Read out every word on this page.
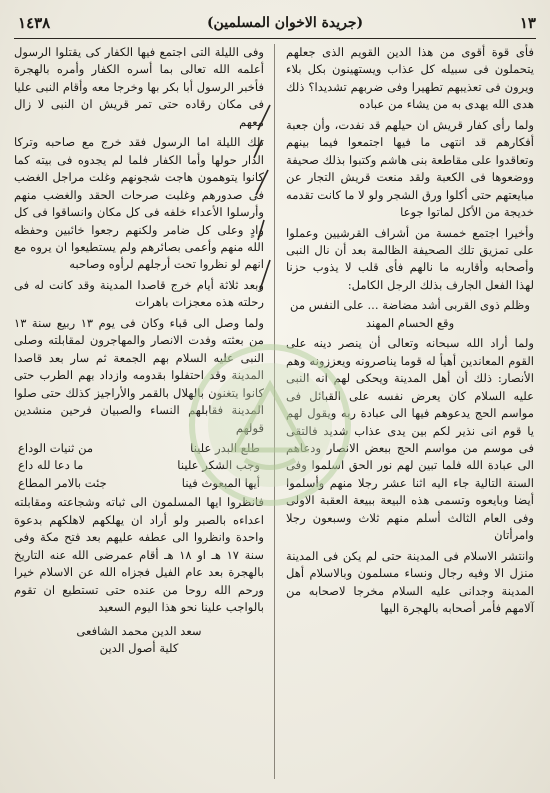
١٣
(جريدة الاخوان المسلمين)
١٤٣٨

فأى قوة أقوى من هذا الدين القويم الذى جعلهم يتحملون فى سبيله كل عذاب ويستهينون بكل بلاء ويرون فى تعذيبهم تطهيرا وفى ضربهم تشديدا؟ ذلك هدى الله يهدى به من يشاء من عباده

ولما رأى كفار قريش ان حيلهم قد نفدت، وأن جعبة أفكارهم قد انتهى ما فيها اجتمعوا فيما بينهم وتعاقدوا على مقاطعة بنى هاشم وكتبوا بذلك صحيفة ووضعوها فى الكعبة ولقد منعت قريش التجار عن مبايعتهم حتى أكلوا ورق الشجر ولو لا ما كانت تقدمه خديجة من الأكل لماتوا جوعا

وأخيرا اجتمع خمسة من أشراف القرشيين وعملوا على تمزيق تلك الصحيفة الظالمة بعد أن نال النبى وأصحابه وأقاربه ما نالهم فأى قلب لا يذوب حزنا لهذا الفعل الجارف بذلك الرجل الكامل:

وظلم ذوى القربى أشد مضاضة ... على النفس من وقع الحسام المهند

ولما أراد الله سبحانه وتعالى أن ينصر دينه على القوم المعاندين أهيأ له قوما يناصرونه ويعززونه وهم الأنصار: ذلك أن أهل المدينة ويحكى لهم انه النبى عليه السلام كان يعرض نفسه على القبائل فى مواسم الحج يدعوهم فيها الى عبادة ربه ويقول لهم يا قوم انى نذير لكم بين يدى عذاب شديد فالتقى فى موسم من مواسم الحج ببعض الانصار ودعاهم الى عبادة الله فلما تبين لهم نور الحق اسلموا وفى السنة التالية جاء اليه اثنا عشر رجلا منهم وأسلموا أيضا وبايعوه وتسمى هذه البيعة ببيعة العقبة الاولى وفى العام الثالث أسلم منهم ثلاث وسبعون رجلا وامرأتان

وانتشر الاسلام فى المدينة حتى لم يكن فى المدينة منزل الا وفيه رجال ونساء مسلمون وبالاسلام أهل المدينة وجدانى عليه السلام مخرجا لاصحابه من آلامهم فأمر أصحابه بالهجرة اليها

وفى الليلة التى اجتمع فيها الكفار كى يقتلوا الرسول أعلمه الله تعالى بما أسره الكفار وأمره بالهجرة فأخبر الرسول أبا بكر بها وخرجا معه وأقام النبى عليا فى مكان رقاده حتى تمر قريش ان النبى لا زال معهم

تلك الليلة اما الرسول فقد خرج مع صاحبه وتركا الدار حولها وأما الكفار فلما لم يجدوه فى بيته كما كانوا يتوهمون هاجت شجونهم وغلت مراجل الغضب فى صدورهم وغلبت صرحات الحقد والغضب منهم وأرسلوا الأعداء خلفه فى كل مكان وانساقوا فى كل وادٍ وعلى كل ضامر ولكنهم رجعوا خائبين وحفظه الله منهم وأعمى بصائرهم ولم يستطيعوا ان يروه مع انهم لو نظروا تحت أرجلهم لرأوه وصاحبه

وبعد ثلاثة أيام خرج قاصدا المدينة وقد كانت له فى رحلته هذه معجزات باهرات

ولما وصل الى قباء وكان فى يوم ١٣ ربيع سنة ١٣ من بعثته وفدت الانصار والمهاجرون لمقابلته وصلى النبى عليه السلام بهم الجمعة ثم سار بعد قاصدا المدينة وقد احتفلوا بقدومه وازداد بهم الطرب حتى كانوا يتغنون بالهلال بالقمر والأراجيز كذلك حتى صلوا المدينة فقابلهم النساء والصبيان فرحين منشدين قولهم

طلع البدر علينا
من ثنيات الوداع
وجب الشكر علينا
ما دعا لله داع
أيها المبعوث فينا
جئت بالامر المطاع

فانظروا ايها المسلمون الى ثباته وشجاعته ومقابلته اعداءه بالصبر ولو أراد ان يهلكهم لاهلكهم بدعوة واحدة وانظروا الى عطفه عليهم بعد فتح مكة وفى سنة ١٧ هـ او ١٨ هـ أقام عمرضى الله عنه التاريخ بالهجرة بعد عام الفيل فجزاه الله عن الاسلام خيرا ورحم الله روحا من عنده حتى تستطيع ان تقوم بالواجب علينا نحو هذا اليوم السعيد

سعد الدين محمد الشافعى
كلية أصول الدين
